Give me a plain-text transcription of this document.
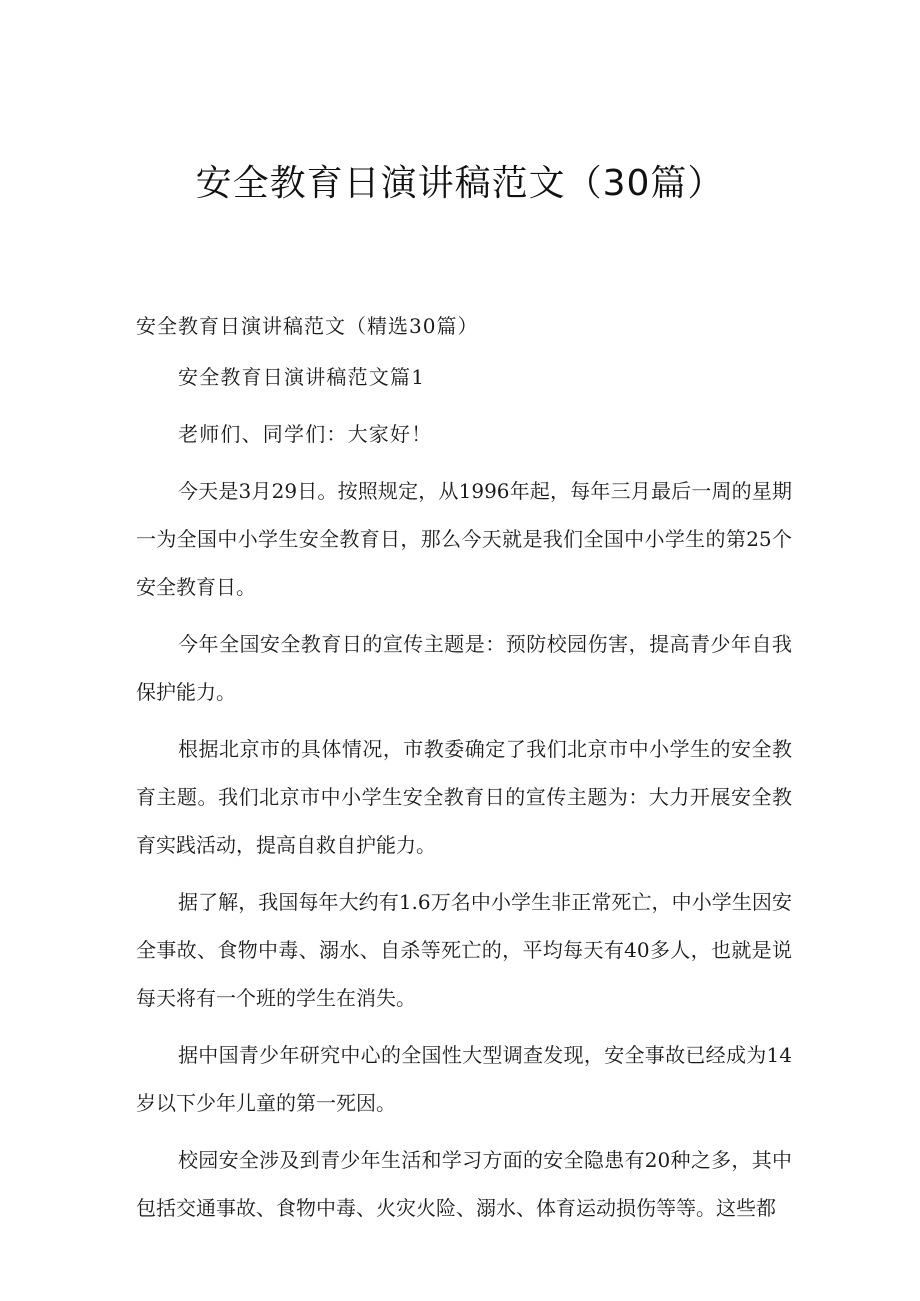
安全教育日演讲稿范文（30篇）

安全教育日演讲稿范文（精选30篇）

安全教育日演讲稿范文篇1

老师们、同学们：大家好！

今天是3月29日。按照规定，从1996年起，每年三月最后一周的星期一为全国中小学生安全教育日，那么今天就是我们全国中小学生的第25个安全教育日。

今年全国安全教育日的宣传主题是：预防校园伤害，提高青少年自我保护能力。

根据北京市的具体情况，市教委确定了我们北京市中小学生的安全教育主题。我们北京市中小学生安全教育日的宣传主题为：大力开展安全教育实践活动，提高自救自护能力。

据了解，我国每年大约有1.6万名中小学生非正常死亡，中小学生因安全事故、食物中毒、溺水、自杀等死亡的，平均每天有40多人，也就是说每天将有一个班的学生在消失。

据中国青少年研究中心的全国性大型调查发现，安全事故已经成为14岁以下少年儿童的第一死因。

校园安全涉及到青少年生活和学习方面的安全隐患有20种之多，其中包括交通事故、食物中毒、火灾火险、溺水、体育运动损伤等等。这些都
